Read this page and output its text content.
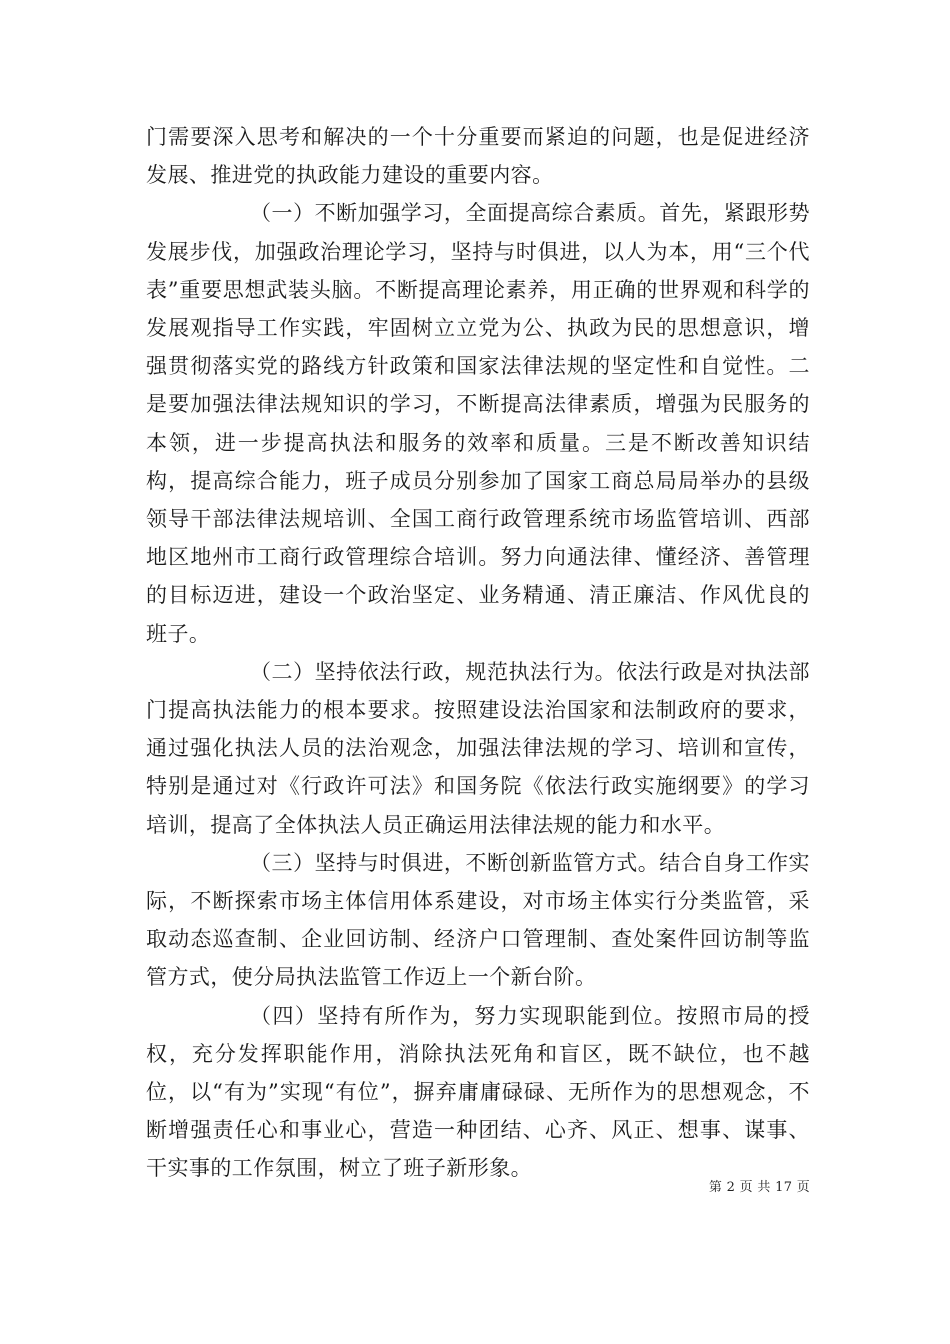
门需要深入思考和解决的一个十分重要而紧迫的问题，也是促进经济发展、推进党的执政能力建设的重要内容。

（一）不断加强学习，全面提高综合素质。首先，紧跟形势发展步伐，加强政治理论学习，坚持与时俱进，以人为本，用“三个代表”重要思想武装头脑。不断提高理论素养，用正确的世界观和科学的发展观指导工作实践，牢固树立立党为公、执政为民的思想意识，增强贯彻落实党的路线方针政策和国家法律法规的坚定性和自觉性。二是要加强法律法规知识的学习，不断提高法律素质，增强为民服务的本领，进一步提高执法和服务的效率和质量。三是不断改善知识结构，提高综合能力，班子成员分别参加了国家工商总局局举办的县级领导干部法律法规培训、全国工商行政管理系统市场监管培训、西部地区地州市工商行政管理综合培训。努力向通法律、懂经济、善管理的目标迈进，建设一个政治坚定、业务精通、清正廉洁、作风优良的班子。

（二）坚持依法行政，规范执法行为。依法行政是对执法部门提高执法能力的根本要求。按照建设法治国家和法制政府的要求，通过强化执法人员的法治观念，加强法律法规的学习、培训和宣传，特别是通过对《行政许可法》和国务院《依法行政实施纲要》的学习培训，提高了全体执法人员正确运用法律法规的能力和水平。

（三）坚持与时俱进，不断创新监管方式。结合自身工作实际，不断探索市场主体信用体系建设，对市场主体实行分类监管，采取动态巡查制、企业回访制、经济户口管理制、查处案件回访制等监管方式，使分局执法监管工作迈上一个新台阶。

（四）坚持有所作为，努力实现职能到位。按照市局的授权，充分发挥职能作用，消除执法死角和盲区，既不缺位，也不越位，以“有为”实现“有位”，摒弃庸庸碌碌、无所作为的思想观念，不断增强责任心和事业心，营造一种团结、心齐、风正、想事、谋事、干实事的工作氛围，树立了班子新形象。

第 2 页 共 17 页
